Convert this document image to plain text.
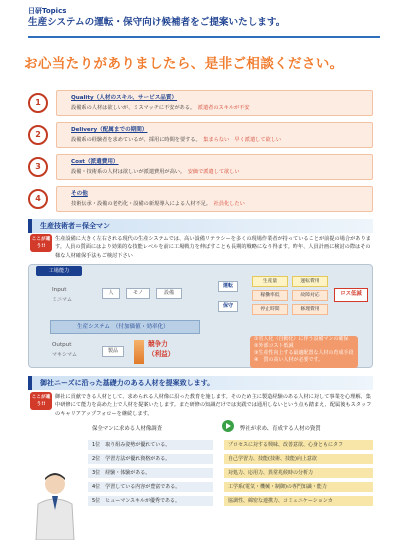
日研Topics
生産システムの運転・保守向け候補者をご提案いたします。
お心当たりがありましたら、是非ご相談ください。
1	Quality（人材のスキル、サービス品質）
設備系の人材は欲しいが、ミスマッチに不安がある。　 派遣者のスキルが不安
2	Delivery（配属までの期間）
設備系の経験者を求めているが、採用に時間を要する。　 集まらない　早く派遣して欲しい
3	Cost（派遣費用）
設備・技術系の人材は欲しいが派遣費用が高い。　 安価で派遣して欲しい
4	その他
技術伝承・設備の老朽化・設備の新規導入による人材不足。　 社員化したい
生産技術者＝保全マン
ここが違う!!
生産設備に大きく左右される現代の生産システムでは、高い設備リテラシーを多くの現場作業者が持っていることが前提の場合があります。人員の質面にはより効果的な技能レベルを前に工場戦力を伸ばすことも長期的戦略になり得ます。昨年、人員計画に検討の際はその様な人材確保手法もご検討下さい
工場能力
Input
ミニマム
人	モノ	設備
運転
保守
生産量	運転費用
稼働率低	故障対応
停止時間	修理費用
ロス低減
生産システム　（付加価値・効率化）
Output
マキシマム
製品
競争力
（利益）
①省人化（自動化）に伴う設備マンの確保
②外部コスト低減
③生産性向上する最適配置な人材の育成手段
④　質の高い人材が必要です。
御社ニーズに沿った基礎力のある人材を提案致します。
ここが違う!!
御社に貢献できる人材として、求められる人材像に沿った教育を施します。そのため主に製造経験のある人材に対して事業を心理解、集中研修にて能力を高めた上で人材を提案いたします。また研修の知識だけでは実践では通用しないという点も踏まえ、配属後もスタッフのキャリアアップフォローを継続します。
保全マンに求める人材像調査	弊社が求め、育成する人材の資質
1位　 取り組み姿勢が優れている。	プロセスに対する興味、改善意欲、心身ともにタフ
2位　 学習方法が優れ資格がある。	自己学習力、技能(技術、技能)向上意欲
3位　 経験・体験がある。	対処力、応用力、異常兆候時の分析力
4位　 学習している内容が豊富である。	工学系(電気・機械・制御)の専門知識・能力
5位　 ヒューマンスキルが優秀である。	協調性、綿密な連携力、コミュニケーションカ
